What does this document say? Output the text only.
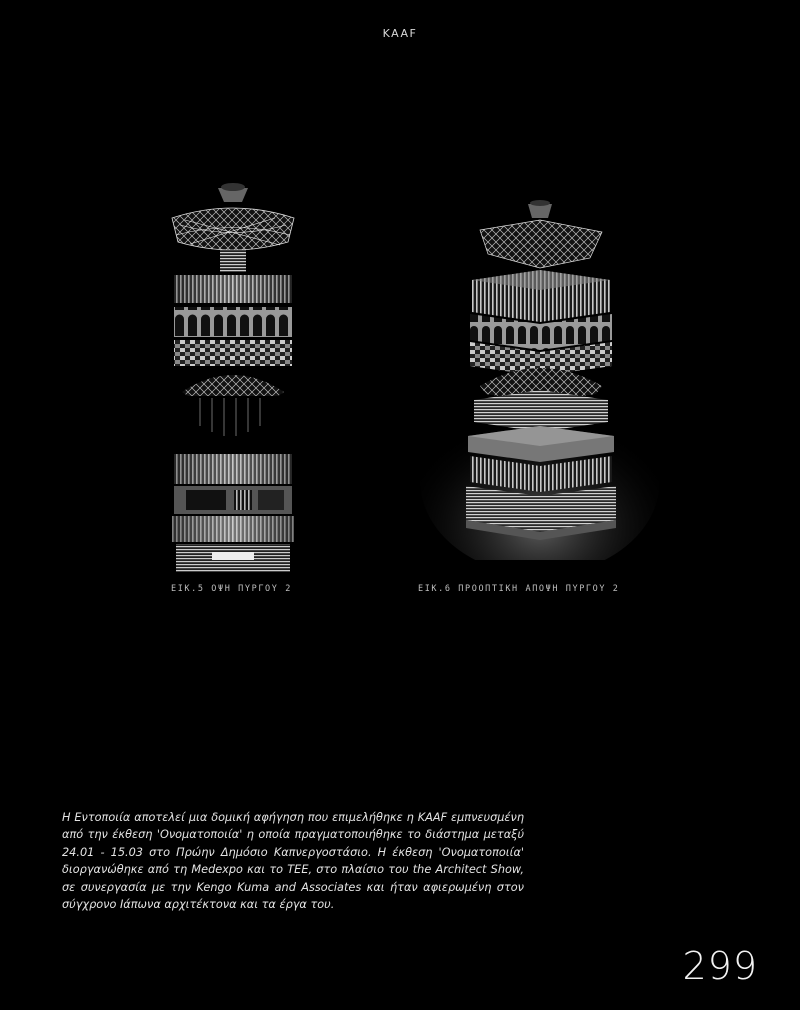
KAAF
ΕΙΚ.5 ΟΨΗ ΠΥΡΓΟΥ 2	ΕΙΚ.6 ΠΡΟΟΠΤΙΚΗ ΑΠΟΨΗ ΠΥΡΓΟΥ 2
Η Εντοποιία αποτελεί μια δομική αφήγηση που επιμελήθηκε η KAAF εμπνευσμένη από την έκθεση 'Ονοματοποιία' η οποία πραγματοποιήθηκε το διάστημα μεταξύ 24.01 - 15.03 στο Πρώην Δημόσιο Καπνεργοστάσιο. Η έκθεση 'Ονοματοποιία' διοργανώθηκε από τη Medexpo και το ΤΕΕ, στο πλαίσιο του the Architect Show, σε συνεργασία με την Kengo Kuma and Associates και ήταν αφιερωμένη στον σύγχρονο Ιάπωνα αρχιτέκτονα και τα έργα του.
299
